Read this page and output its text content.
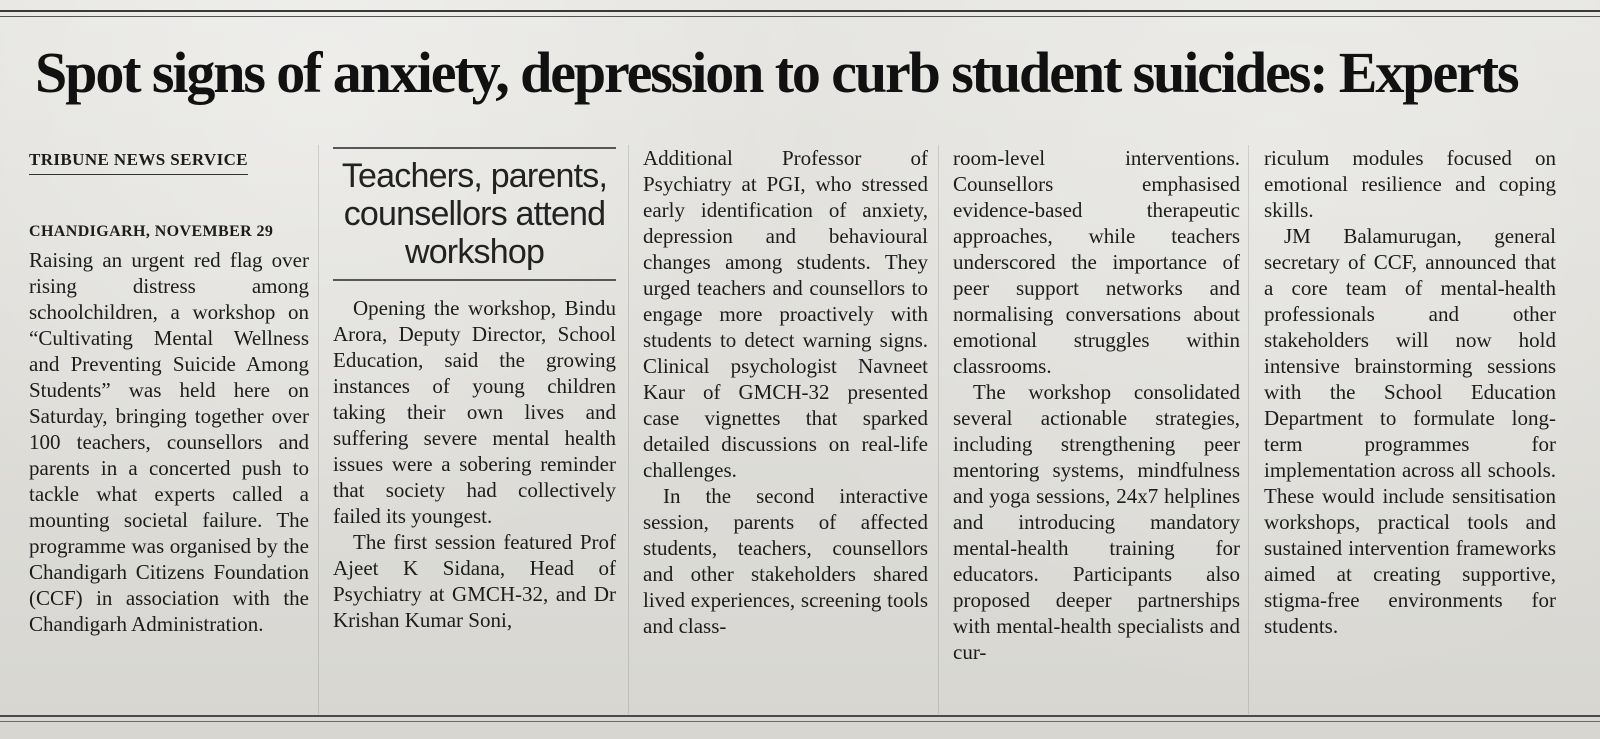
Spot signs of anxiety, depression to curb student suicides: Experts
TRIBUNE NEWS SERVICE
CHANDIGARH, NOVEMBER 29

Raising an urgent red flag over rising distress among schoolchildren, a workshop on “Cultivating Mental Wellness and Preventing Suicide Among Students” was held here on Saturday, bringing together over 100 teachers, counsellors and parents in a concerted push to tackle what experts called a mounting societal failure. The programme was organised by the Chandigarh Citizens Foundation (CCF) in association with the Chandigarh Administration.

Teachers, parents, counsellors attend workshop

Opening the workshop, Bindu Arora, Deputy Director, School Education, said the growing instances of young children taking their own lives and suffering severe mental health issues were a sobering reminder that society had collectively failed its youngest.

The first session featured Prof Ajeet K Sidana, Head of Psychiatry at GMCH-32, and Dr Krishan Kumar Soni,

Additional Professor of Psychiatry at PGI, who stressed early identification of anxiety, depression and behavioural changes among students. They urged teachers and counsellors to engage more proactively with students to detect warning signs. Clinical psychologist Navneet Kaur of GMCH-32 presented case vignettes that sparked detailed discussions on real-life challenges.

In the second interactive session, parents of affected students, teachers, counsellors and other stakeholders shared lived experiences, screening tools and class-

room-level interventions. Counsellors emphasised evidence-based therapeutic approaches, while teachers underscored the importance of peer support networks and normalising conversations about emotional struggles within classrooms.

The workshop consolidated several actionable strategies, including strengthening peer mentoring systems, mindfulness and yoga sessions, 24x7 helplines and introducing mandatory mental-health training for educators. Participants also proposed deeper partnerships with mental-health specialists and cur-

riculum modules focused on emotional resilience and coping skills.

JM Balamurugan, general secretary of CCF, announced that a core team of mental-health professionals and other stakeholders will now hold intensive brainstorming sessions with the School Education Department to formulate long-term programmes for implementation across all schools. These would include sensitisation workshops, practical tools and sustained intervention frameworks aimed at creating supportive, stigma-free environments for students.
